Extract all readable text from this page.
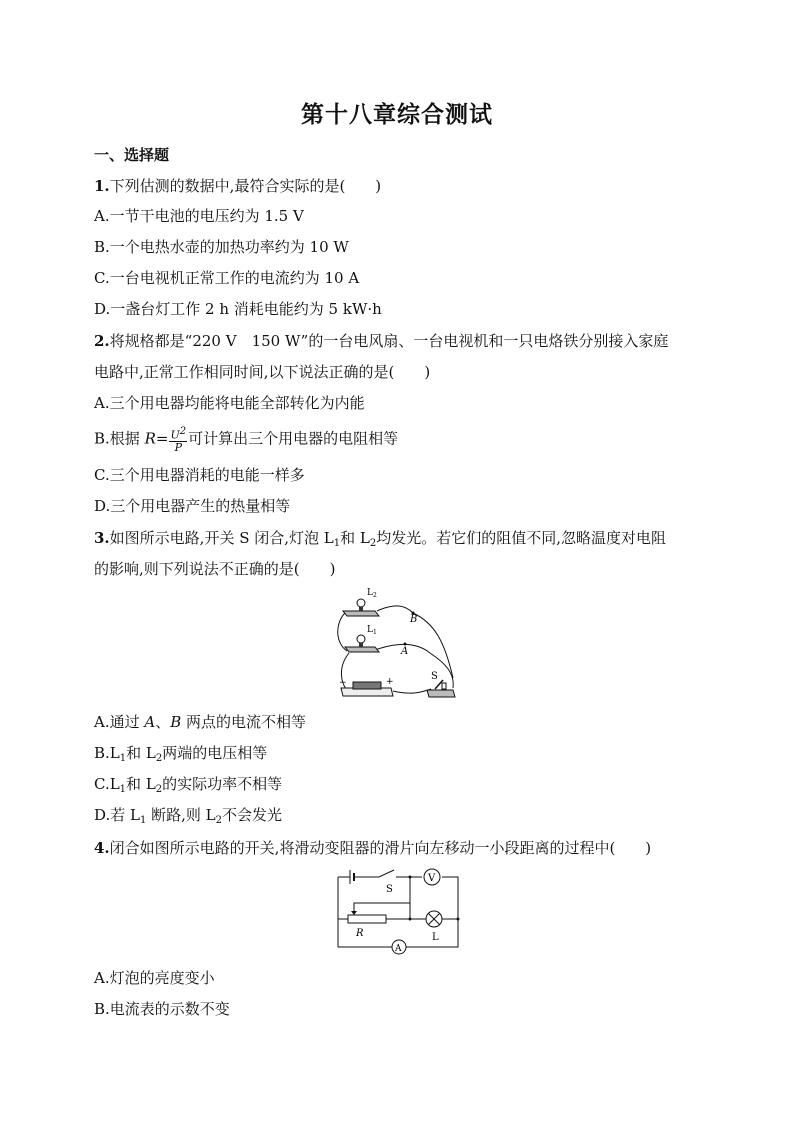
第十八章综合测试
一、选择题
1.下列估测的数据中,最符合实际的是(　　)
A.一节干电池的电压约为 1.5 V
B.一个电热水壶的加热功率约为 10 W
C.一台电视机正常工作的电流约为 10 A
D.一盏台灯工作 2 h 消耗电能约为 5 kW·h
2.将规格都是“220 V　150 W”的一台电风扇、一台电视机和一只电烙铁分别接入家庭
电路中,正常工作相同时间,以下说法正确的是(　　)
A.三个用电器均能将电能全部转化为内能
B.根据 $R= \frac{U^2}{P}$ 可计算出三个用电器的电阻相等
C.三个用电器消耗的电能一样多
D.三个用电器产生的热量相等
3.如图所示电路,开关 S 闭合,灯泡 $L_1$和 $L_2$均发光。若它们的阻值不同,忽略温度对电阻
的影响,则下列说法不正确的是(　　)
$L_2$
$L_1$
B
A
−	+	S
A.通过 A、B 两点的电流不相等
$B.L_1$和 $L_2$两端的电压相等
$C.L_1$和 $L_2$的实际功率不相等
D.若 $L_1$ 断路,则 $L_2$不会发光
4.闭合如图所示电路的开关,将滑动变阻器的滑片向左移动一小段距离的过程中(　　)
S
V
R	L
A
A.灯泡的亮度变小
B.电流表的示数不变
